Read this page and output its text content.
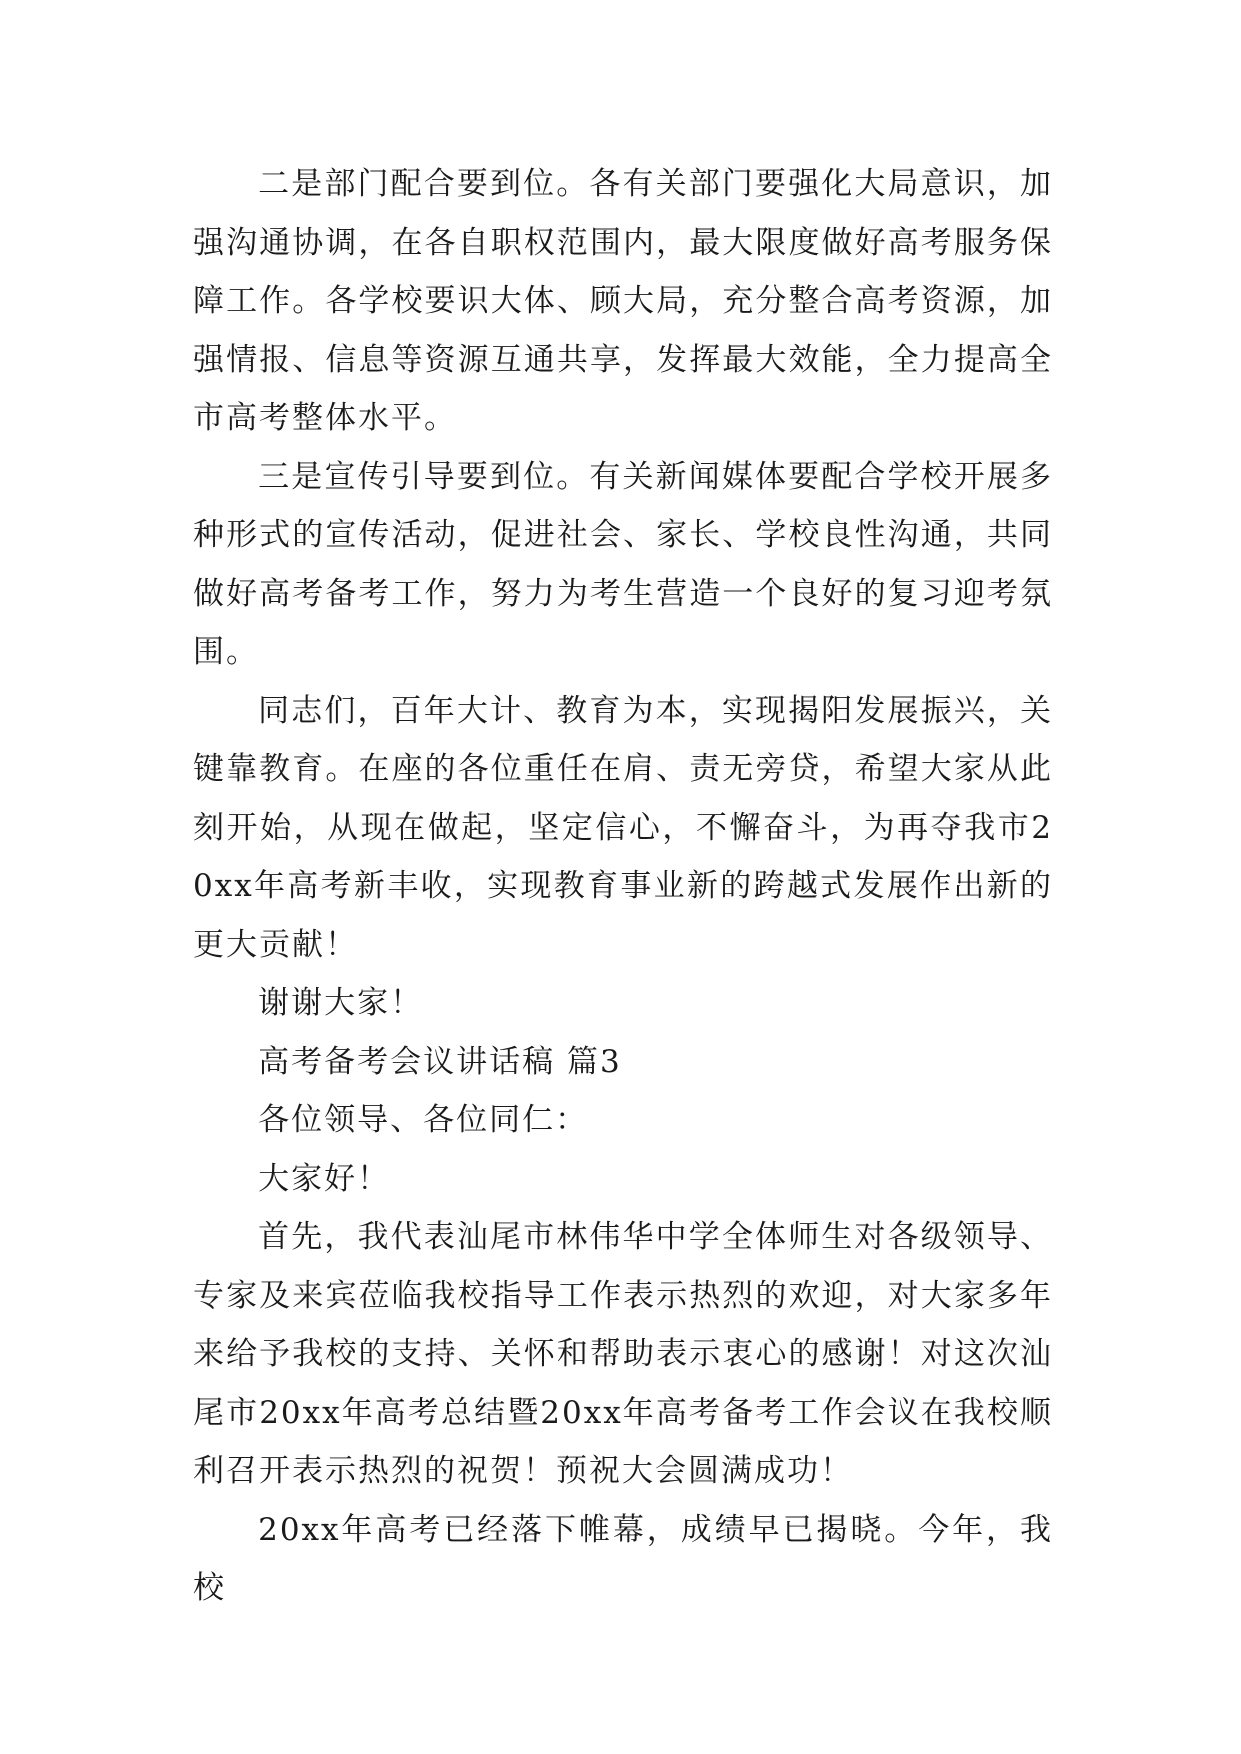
二是部门配合要到位。各有关部门要强化大局意识，加强沟通协调，在各自职权范围内，最大限度做好高考服务保障工作。各学校要识大体、顾大局，充分整合高考资源，加强情报、信息等资源互通共享，发挥最大效能，全力提高全市高考整体水平。

三是宣传引导要到位。有关新闻媒体要配合学校开展多种形式的宣传活动，促进社会、家长、学校良性沟通，共同做好高考备考工作，努力为考生营造一个良好的复习迎考氛围。

同志们，百年大计、教育为本，实现揭阳发展振兴，关键靠教育。在座的各位重任在肩、责无旁贷，希望大家从此刻开始，从现在做起，坚定信心，不懈奋斗，为再夺我市20xx年高考新丰收，实现教育事业新的跨越式发展作出新的更大贡献！

谢谢大家！

高考备考会议讲话稿 篇3

各位领导、各位同仁：

大家好！

首先，我代表汕尾市林伟华中学全体师生对各级领导、专家及来宾莅临我校指导工作表示热烈的欢迎，对大家多年来给予我校的支持、关怀和帮助表示衷心的感谢！对这次汕尾市20xx年高考总结暨20xx年高考备考工作会议在我校顺利召开表示热烈的祝贺！预祝大会圆满成功！

20xx年高考已经落下帷幕，成绩早已揭晓。今年，我校
